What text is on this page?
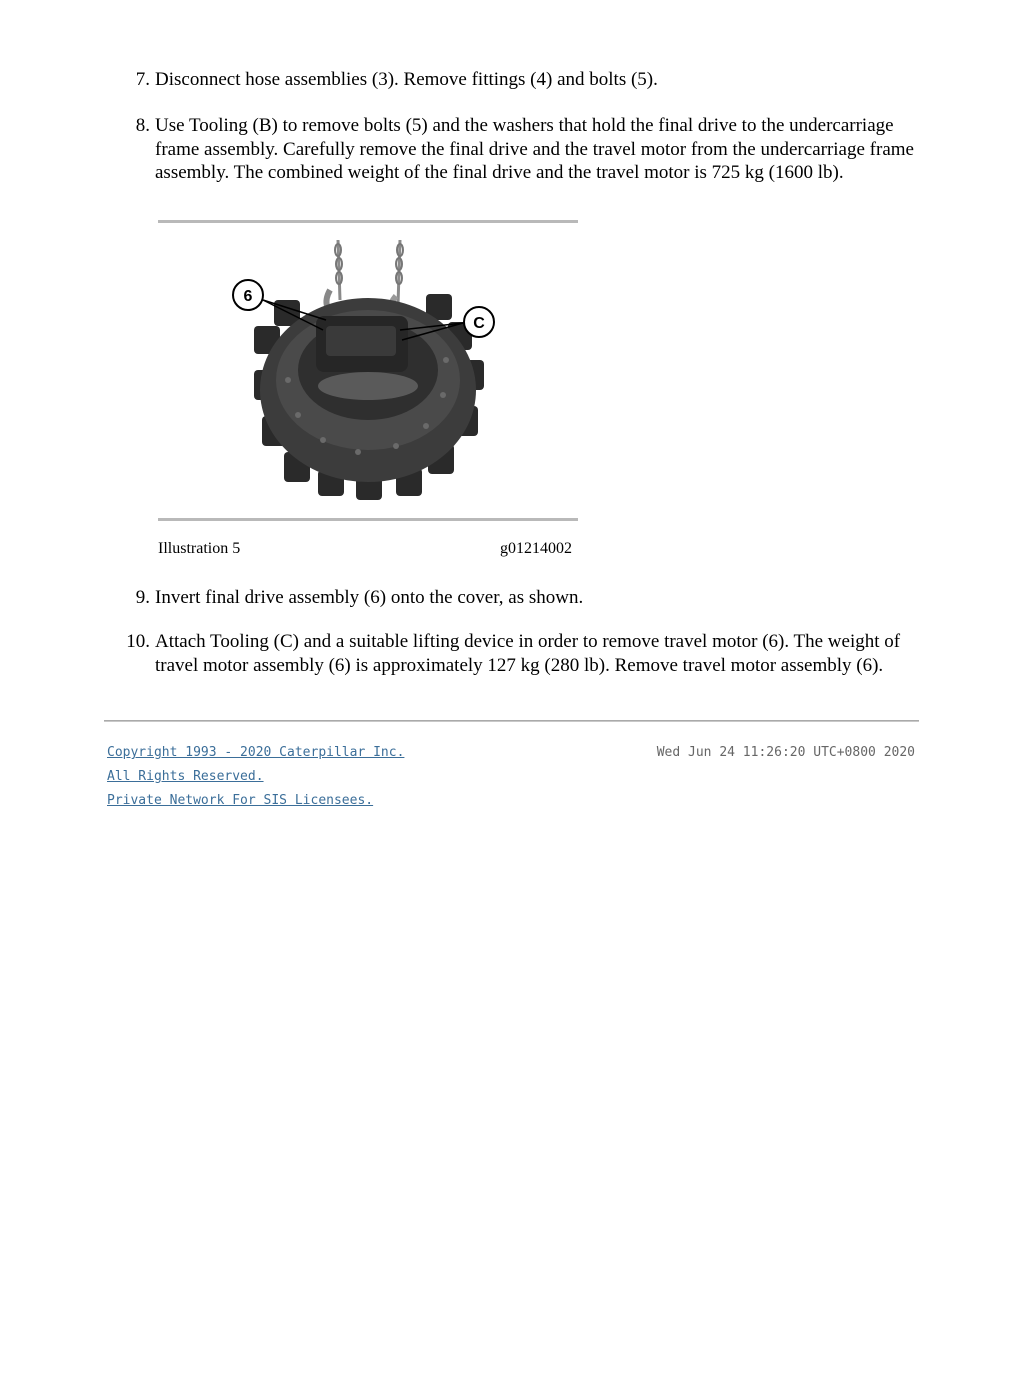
7. Disconnect hose assemblies (3). Remove fittings (4) and bolts (5).
8. Use Tooling (B) to remove bolts (5) and the washers that hold the final drive to the undercarriage frame assembly. Carefully remove the final drive and the travel motor from the undercarriage frame assembly. The combined weight of the final drive and the travel motor is 725 kg (1600 lb).
6
C
Illustration 5	g01214002
9. Invert final drive assembly (6) onto the cover, as shown.
10. Attach Tooling (C) and a suitable lifting device in order to remove travel motor (6). The weight of travel motor assembly (6) is approximately 127 kg (280 lb). Remove travel motor assembly (6).
Copyright 1993 - 2020 Caterpillar Inc.
All Rights Reserved.
Private Network For SIS Licensees.
Wed Jun 24 11:26:20 UTC+0800 2020
